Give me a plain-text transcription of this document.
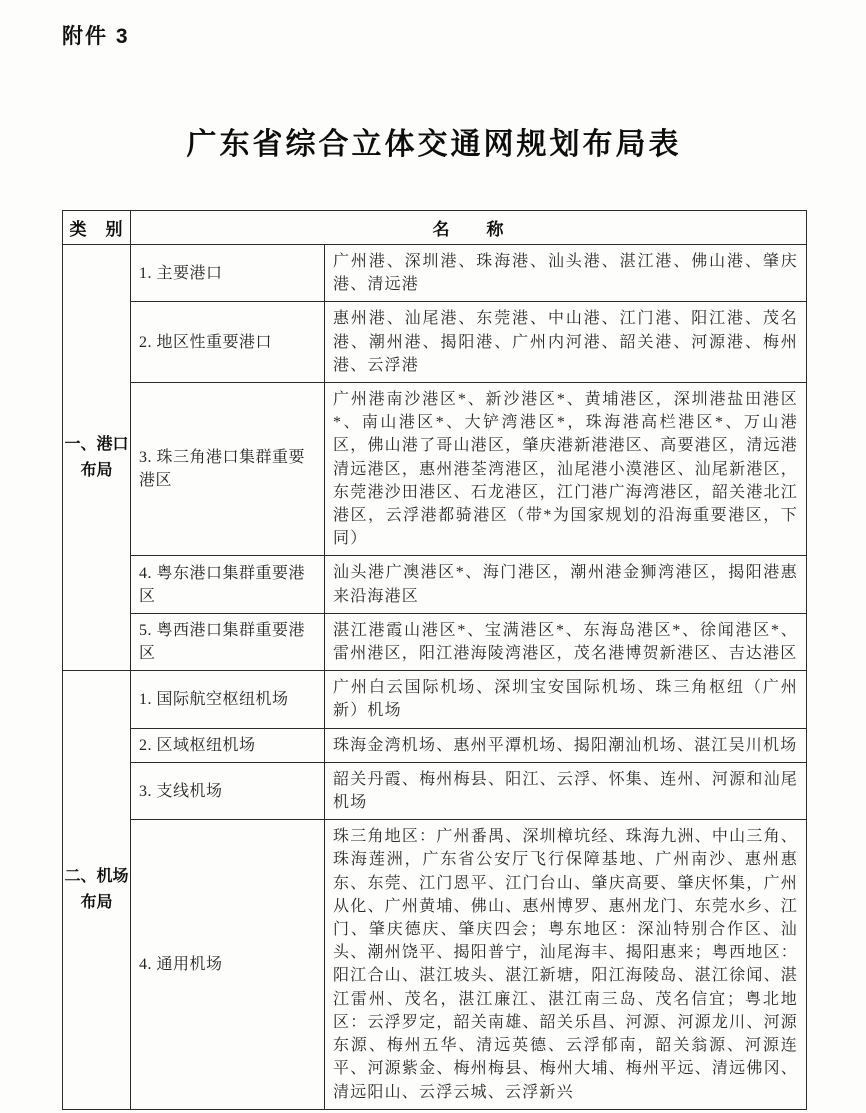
附件 3
广东省综合立体交通网规划布局表
类　别	名　　称	
一、港口布局	1. 主要港口	广州港、深圳港、珠海港、汕头港、湛江港、佛山港、肇庆港、清远港
	2. 地区性重要港口	惠州港、汕尾港、东莞港、中山港、江门港、阳江港、茂名港、潮州港、揭阳港、广州内河港、韶关港、河源港、梅州港、云浮港
	3. 珠三角港口集群重要港区	广州港南沙港区*、新沙港区*、黄埔港区，深圳港盐田港区*、南山港区*、大铲湾港区*，珠海港高栏港区*、万山港区，佛山港了哥山港区，肇庆港新港港区、高要港区，清远港清远港区，惠州港荃湾港区，汕尾港小漠港区、汕尾新港区，东莞港沙田港区、石龙港区，江门港广海湾港区，韶关港北江港区，云浮港都骑港区（带*为国家规划的沿海重要港区，下同）
	4. 粤东港口集群重要港区	汕头港广澳港区*、海门港区，潮州港金狮湾港区，揭阳港惠来沿海港区
	5. 粤西港口集群重要港区	湛江港霞山港区*、宝满港区*、东海岛港区*、徐闻港区*、雷州港区，阳江港海陵湾港区，茂名港博贺新港区、吉达港区
二、机场布局	1. 国际航空枢纽机场	广州白云国际机场、深圳宝安国际机场、珠三角枢纽（广州新）机场
	2. 区域枢纽机场	珠海金湾机场、惠州平潭机场、揭阳潮汕机场、湛江吴川机场
	3. 支线机场	韶关丹霞、梅州梅县、阳江、云浮、怀集、连州、河源和汕尾机场
	4. 通用机场	珠三角地区：广州番禺、深圳樟坑经、珠海九洲、中山三角、珠海莲洲，广东省公安厅飞行保障基地、广州南沙、惠州惠东、东莞、江门恩平、江门台山、肇庆高要、肇庆怀集，广州从化、广州黄埔、佛山、惠州博罗、惠州龙门、东莞水乡、江门、肇庆德庆、肇庆四会；粤东地区：深汕特别合作区、汕头、潮州饶平、揭阳普宁，汕尾海丰、揭阳惠来；粤西地区：阳江合山、湛江坡头、湛江新塘，阳江海陵岛、湛江徐闻、湛江雷州、茂名，湛江廉江、湛江南三岛、茂名信宜；粤北地区：云浮罗定，韶关南雄、韶关乐昌、河源、河源龙川、河源东源、梅州五华、清远英德、云浮郁南，韶关翁源、河源连平、河源紫金、梅州梅县、梅州大埔、梅州平远、清远佛冈、清远阳山、云浮云城、云浮新兴
